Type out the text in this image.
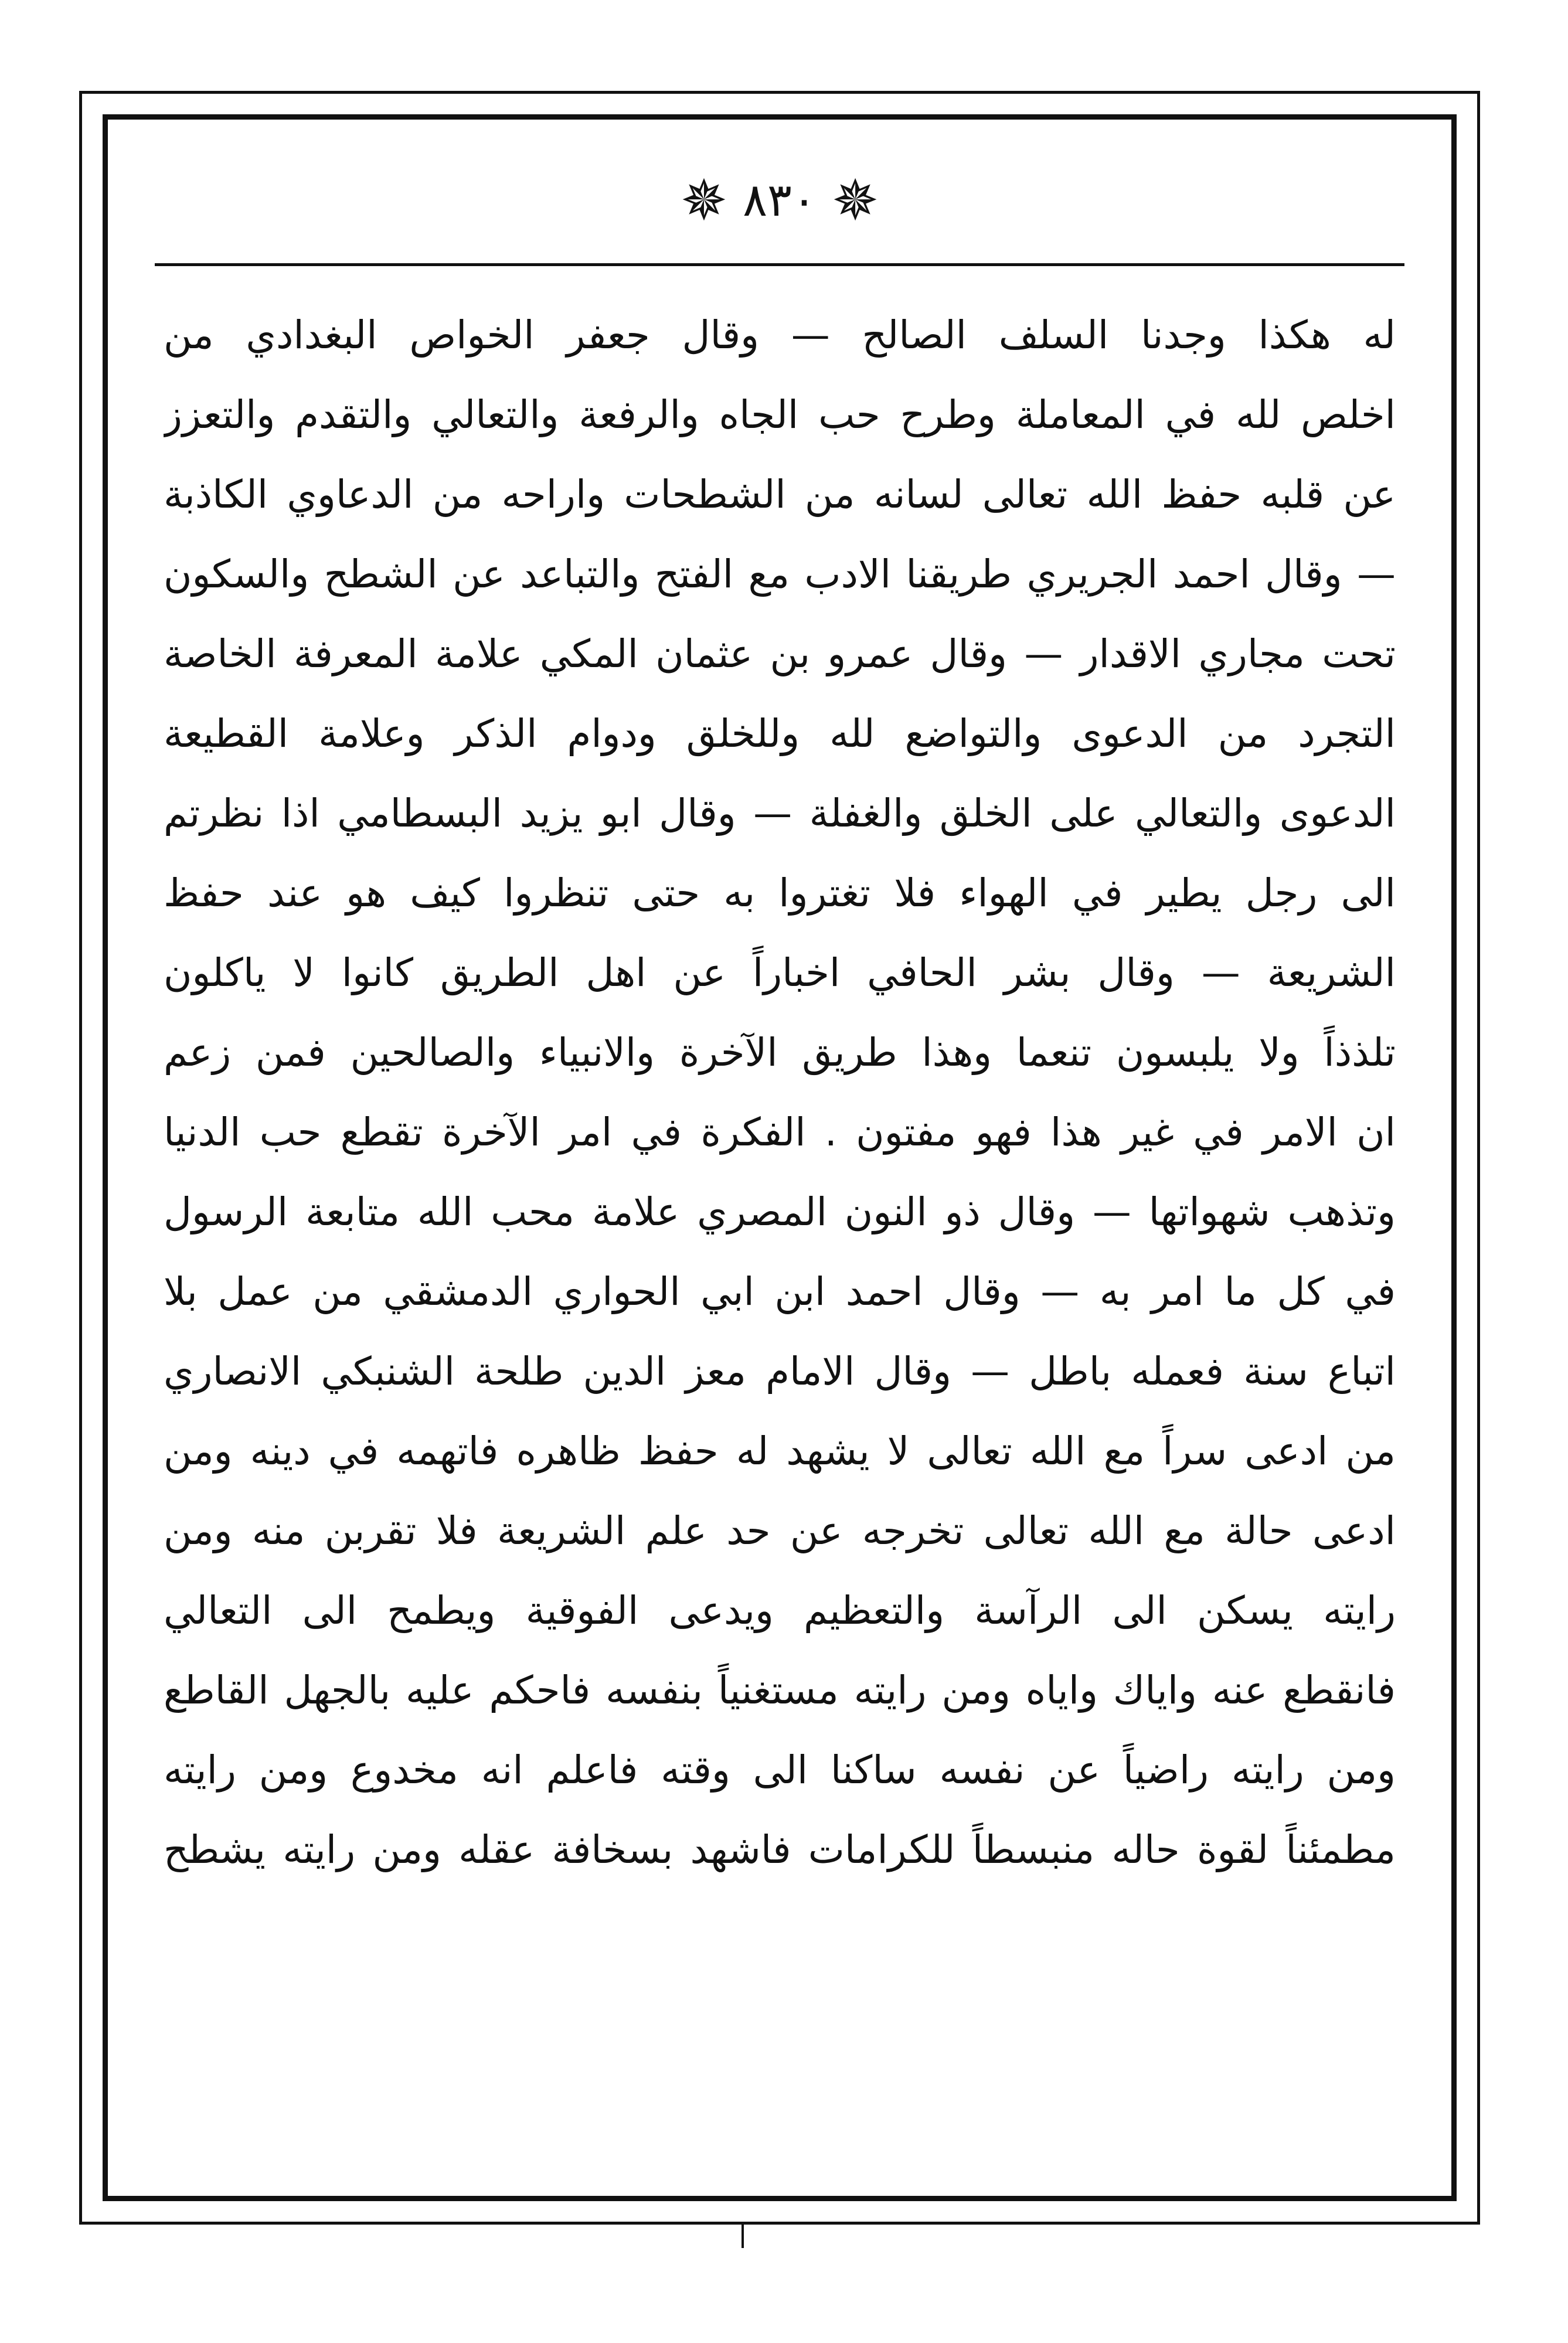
✵
٨٣٠
✵
له هكذا وجدنا السلف الصالح — وقال جعفر الخواص البغدادي من
اخلص لله في المعاملة وطرح حب الجاه والرفعة والتعالي والتقدم والتعزز
عن قلبه حفظ الله تعالى لسانه من الشطحات واراحه من الدعاوي الكاذبة
— وقال احمد الجريري طريقنا الادب مع الفتح والتباعد عن الشطح والسكون
تحت مجاري الاقدار — وقال عمرو بن عثمان المكي علامة المعرفة الخاصة
التجرد من الدعوى والتواضع لله وللخلق ودوام الذكر وعلامة القطيعة
الدعوى والتعالي على الخلق والغفلة — وقال ابو يزيد البسطامي اذا نظرتم
الى رجل يطير في الهواء فلا تغتروا به حتى تنظروا كيف هو عند حفظ
الشريعة — وقال بشر الحافي اخباراً عن اهل الطريق كانوا لا ياكلون
تلذذاً ولا يلبسون تنعما وهذا طريق الآخرة والانبياء والصالحين فمن زعم
ان الامر في غير هذا فهو مفتون . الفكرة في امر الآخرة تقطع حب الدنيا
وتذهب شهواتها — وقال ذو النون المصري علامة محب الله متابعة الرسول
في كل ما امر به — وقال احمد ابن ابي الحواري الدمشقي من عمل بلا
اتباع سنة فعمله باطل — وقال الامام معز الدين طلحة الشنبكي الانصاري
من ادعى سراً مع الله تعالى لا يشهد له حفظ ظاهره فاتهمه في دينه ومن
ادعى حالة مع الله تعالى تخرجه عن حد علم الشريعة فلا تقربن منه ومن
رايته يسكن الى الرآسة والتعظيم ويدعى الفوقية ويطمح الى التعالي
فانقطع عنه واياك واياه ومن رايته مستغنياً بنفسه فاحكم عليه بالجهل القاطع
ومن رايته راضياً عن نفسه ساكنا الى وقته فاعلم انه مخدوع ومن رايته
مطمئناً لقوة حاله منبسطاً للكرامات فاشهد بسخافة عقله ومن رايته يشطح
